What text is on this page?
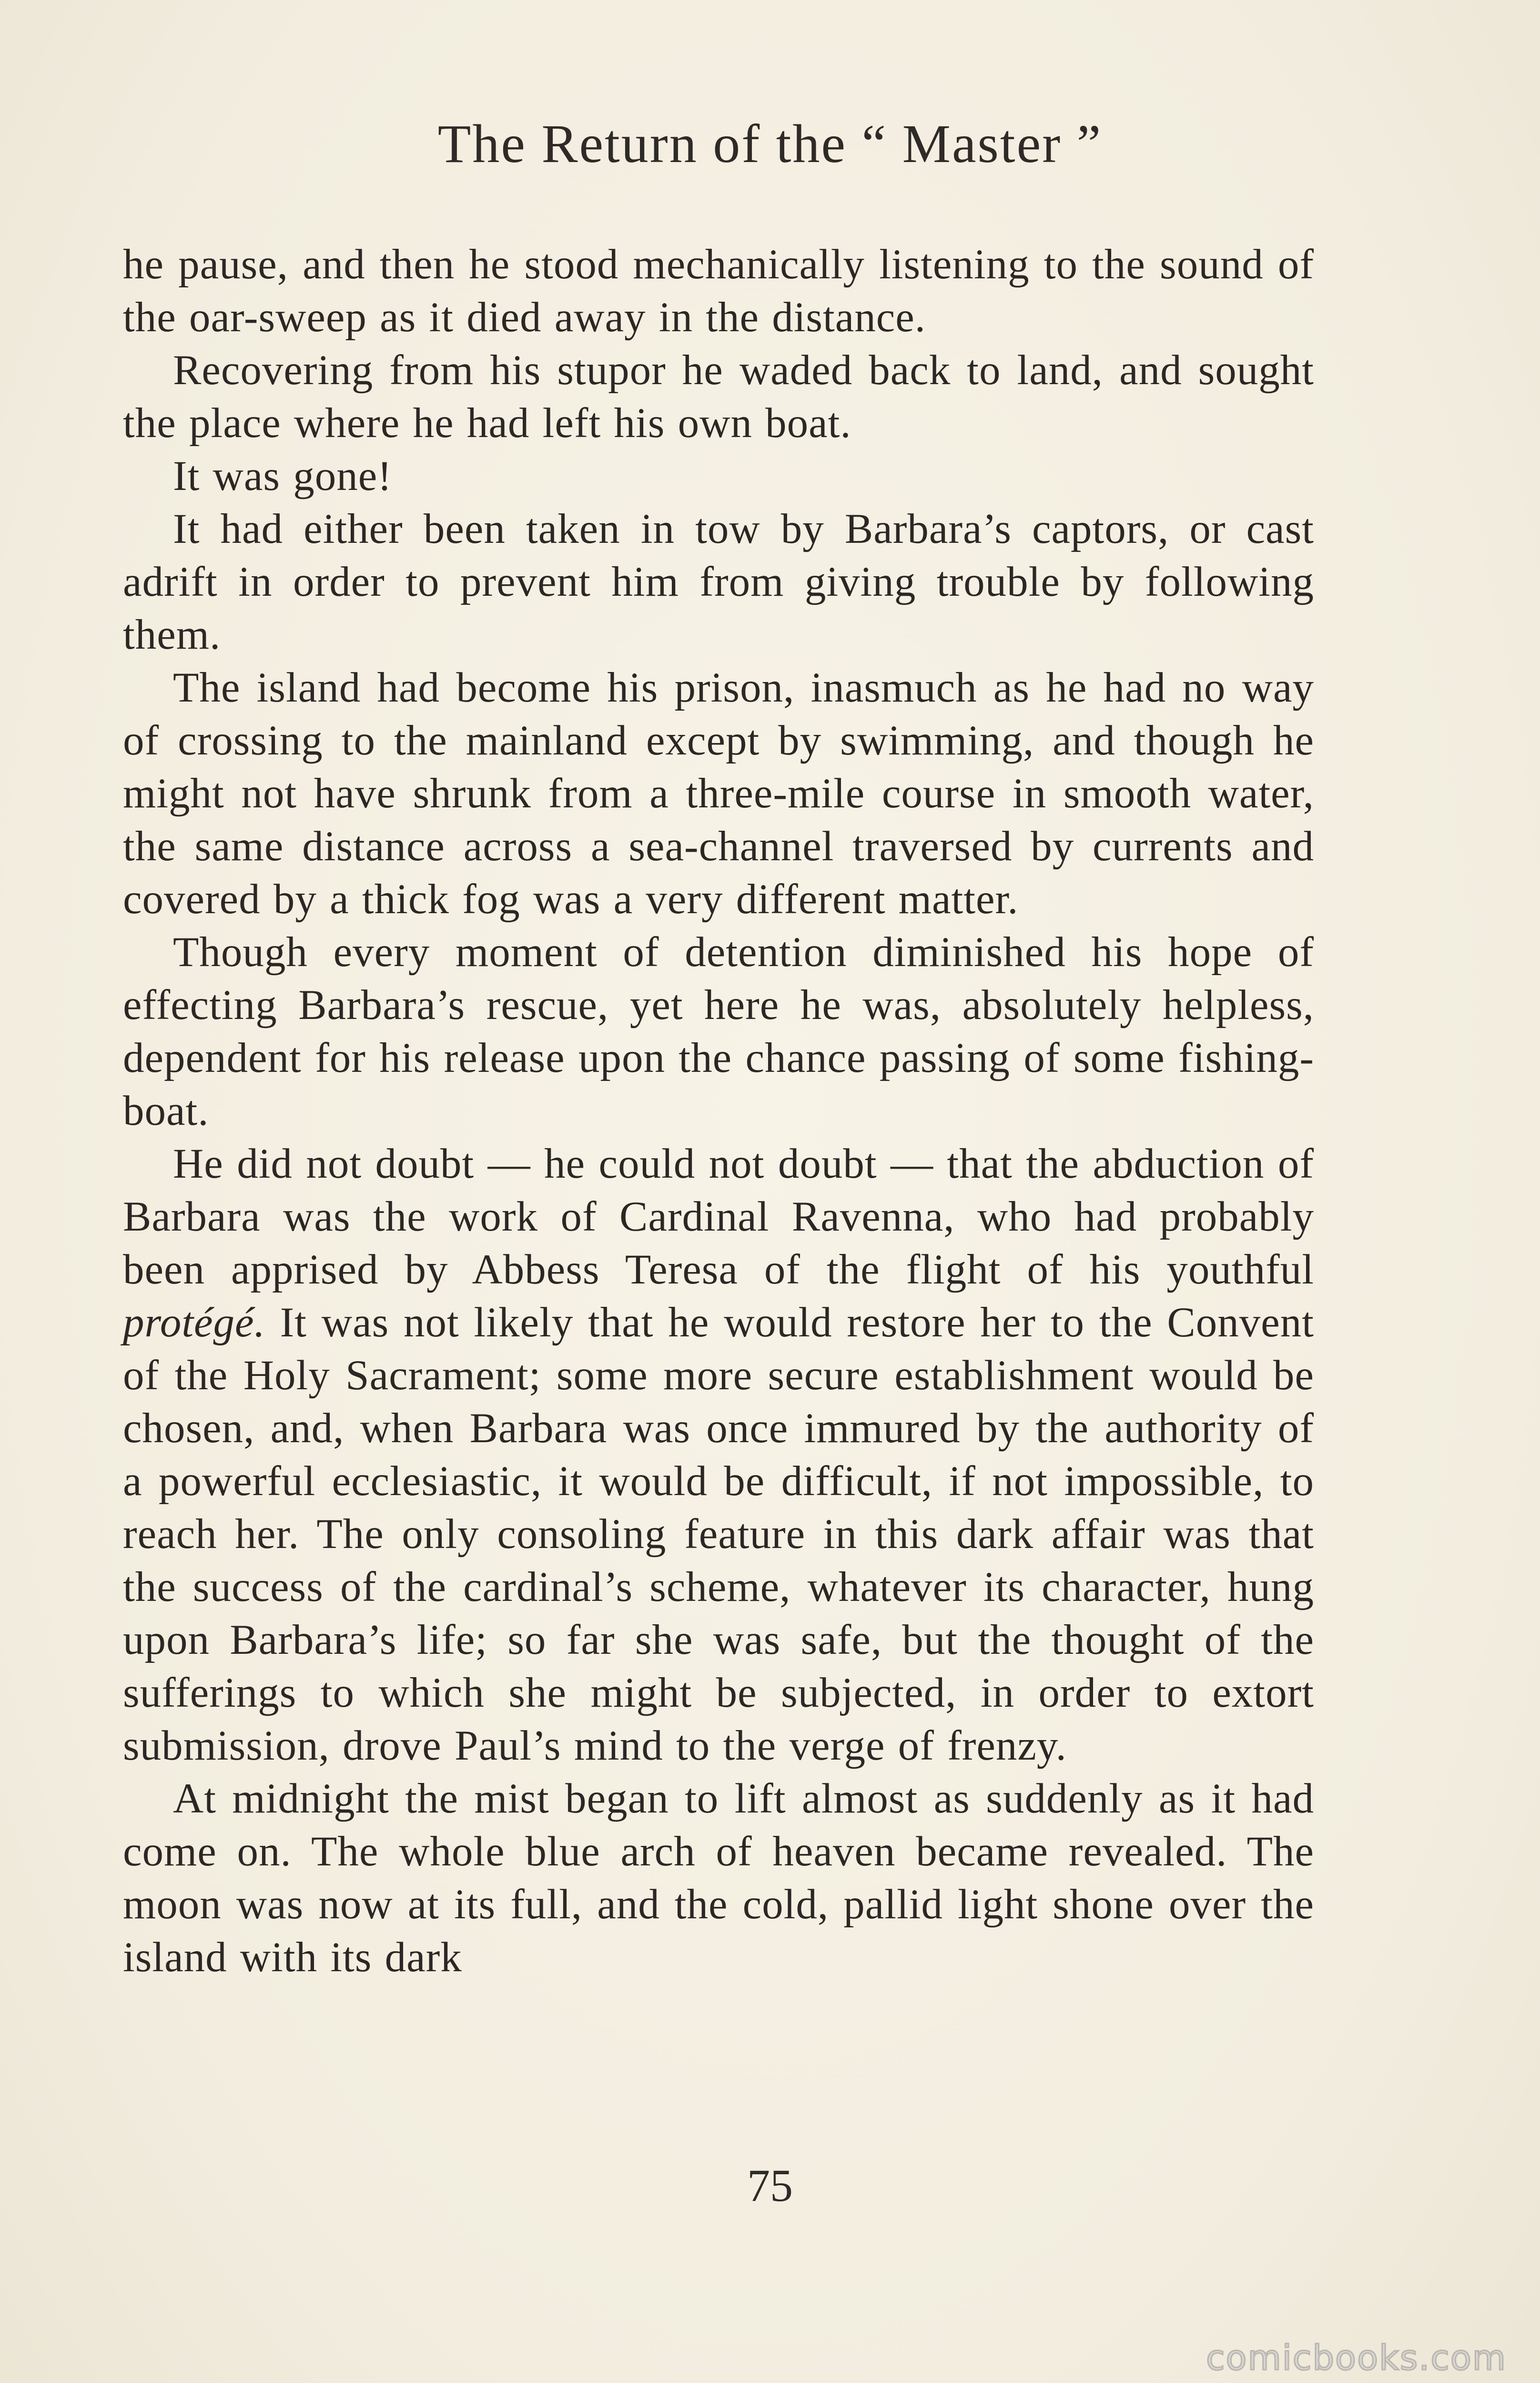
The Return of the “ Master ”

he pause, and then he stood mechanically listening to the sound of the oar-sweep as it died away in the distance.

Recovering from his stupor he waded back to land, and sought the place where he had left his own boat.

It was gone!

It had either been taken in tow by Barbara’s captors, or cast adrift in order to prevent him from giving trouble by following them.

The island had become his prison, inasmuch as he had no way of crossing to the mainland except by swimming, and though he might not have shrunk from a three-mile course in smooth water, the same distance across a sea-channel traversed by currents and covered by a thick fog was a very different matter.

Though every moment of detention diminished his hope of effecting Barbara’s rescue, yet here he was, absolutely helpless, dependent for his release upon the chance passing of some fishing-boat.

He did not doubt — he could not doubt — that the abduction of Barbara was the work of Cardinal Ravenna, who had probably been apprised by Abbess Teresa of the flight of his youthful protégé. It was not likely that he would restore her to the Convent of the Holy Sacrament; some more secure establishment would be chosen, and, when Barbara was once immured by the authority of a powerful ecclesiastic, it would be difficult, if not impossible, to reach her. The only consoling feature in this dark affair was that the success of the cardinal’s scheme, whatever its character, hung upon Barbara’s life; so far she was safe, but the thought of the sufferings to which she might be subjected, in order to extort submission, drove Paul’s mind to the verge of frenzy.

At midnight the mist began to lift almost as suddenly as it had come on. The whole blue arch of heaven became revealed. The moon was now at its full, and the cold, pallid light shone over the island with its dark

75
comicbooks.com
